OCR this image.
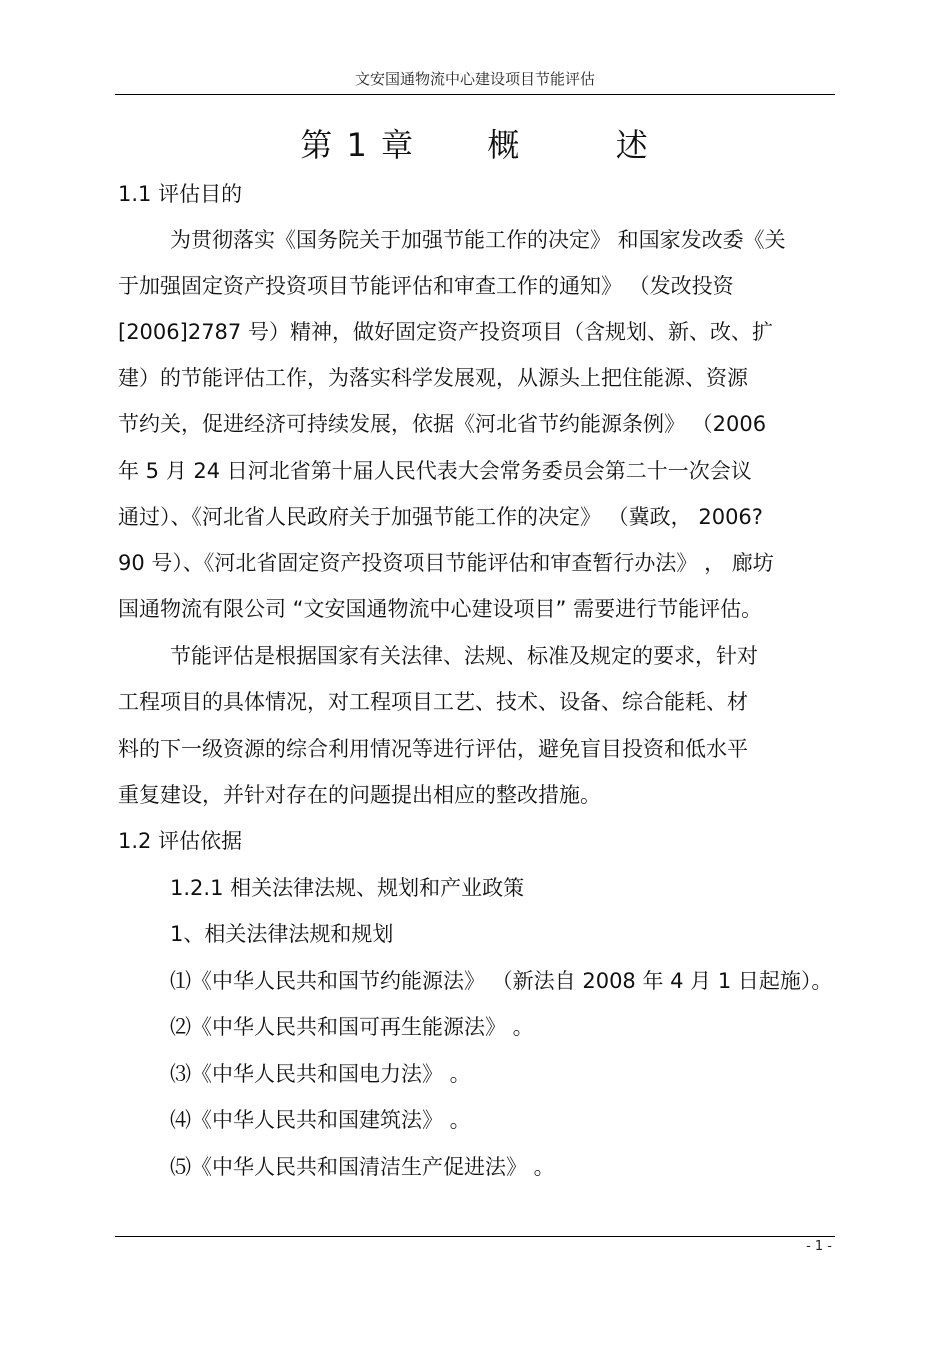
文安国通物流中心建设项目节能评估
第 1 章 概	述
1.1 评估目的
为贯彻落实《国务院关于加强节能工作的决定》 和国家发改委《关
于加强固定资产投资项目节能评估和审查工作的通知》 （发改投资
[2006]2787 号）精神，做好固定资产投资项目（含规划、新、改、扩
建）的节能评估工作，为落实科学发展观，从源头上把住能源、资源
节约关，促进经济可持续发展，依据《河北省节约能源条例》 （2006
年 5 月 24 日河北省第十届人民代表大会常务委员会第二十一次会议
通过）、《河北省人民政府关于加强节能工作的决定》 （冀政， 2006?
90 号）、《河北省固定资产投资项目节能评估和审查暂行办法》 ， 廊坊
国通物流有限公司 “文安国通物流中心建设项目” 需要进行节能评估。
节能评估是根据国家有关法律、法规、标准及规定的要求，针对
工程项目的具体情况，对工程项目工艺、技术、设备、综合能耗、材
料的下一级资源的综合利用情况等进行评估，避免盲目投资和低水平
重复建设，并针对存在的问题提出相应的整改措施。
1.2 评估依据
1.2.1 相关法律法规、规划和产业政策
1、相关法律法规和规划
⑴《中华人民共和国节约能源法》 （新法自 2008 年 4 月 1 日起施）。
⑵《中华人民共和国可再生能源法》 。
⑶《中华人民共和国电力法》 。
⑷《中华人民共和国建筑法》 。
⑸《中华人民共和国清洁生产促进法》 。
- 1 -
